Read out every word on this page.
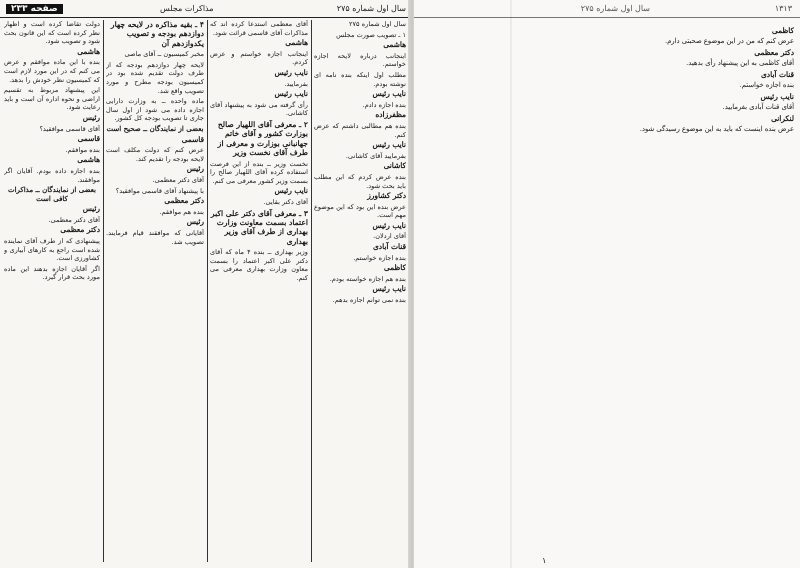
صفحه ۲۳۳	مذاکرات مجلس	سال اول شماره ۲۷۵

دولت تقاضا کرده است و اظهار نظر کرده است که این قانون بحث شود و تصویب شود.

هاشمی

بنده با این ماده موافقم و عرض می کنم که در این مورد لازم است که کمیسیون نظر خودش را بدهد.

این پیشنهاد مربوط به تقسیم اراضی و نحوه اداره آن است و باید رعایت شود.

رئیس

آقای قاسمی موافقید؟

قاسمی

بنده موافقم.

هاشمی

بنده اجازه داده بودم. آقایان اگر موافقند.

بعضی از نمایندگان ــ مذاکرات کافی است

رئیس

آقای دکتر معظمی.

دکتر معظمی

پیشنهادی که از طرف آقای نماینده شده است راجع به کارهای آبیاری و کشاورزی است.

اگر آقایان اجازه بدهند این ماده مورد بحث قرار گیرد.

۴ ـ بقیه مذاکره در لایحه چهار دوازدهم بودجه و تصویب یکدوازدهم آن

مخبر کمیسیون ــ آقای ماصی

لایحه چهار دوازدهم بودجه که از طرف دولت تقدیم شده بود در کمیسیون بودجه مطرح و مورد تصویب واقع شد.

ماده واحده ــ به وزارت دارایی اجازه داده می شود از اول سال جاری تا تصویب بودجه کل کشور.

بعضی از نمایندگان ــ صحیح است

قاسمی

عرض کنم که دولت مکلف است لایحه بودجه را تقدیم کند.

رئیس

آقای دکتر معظمی.

با پیشنهاد آقای قاسمی موافقید؟

دکتر معظمی

بنده هم موافقم.

رئیس

آقایانی که موافقند قیام فرمایند. تصویب شد.

آقای معظمی استدعا کرده اند که مذاکرات آقای قاسمی قرائت شود.

هاشمی

اینجانب اجازه خواستم و عرض کردم.

نایب رئیس

بفرمایید.

نایب رئیس

رأی گرفته می شود به پیشنهاد آقای کاشانی.

۲ ـ معرفی آقای اللهیار صالح بوزارت کشور و آقای خاتم جهانبانی بوزارت و معرفی از طرف آقای نخست وزیر

نخست وزیر ــ بنده از این فرصت استفاده کرده آقای اللهیار صالح را بسمت وزیر کشور معرفی می کنم.

نایب رئیس

آقای دکتر بقایی.

۳ ـ معرفی آقای دکتر علی اکبر اعتماد بسمت معاونت وزارت بهداری از طرف آقای وزیر بهداری

وزیر بهداری ــ بنده ۴ ماه که آقای دکتر علی اکبر اعتماد را بسمت معاون وزارت بهداری معرفی می کنم.

سال اول شماره ۲۷۵

۱ ـ تصویب صورت مجلس

هاشمی

اینجانب درباره لایحه اجازه خواستم.

مطلب اول اینکه بنده نامه ای نوشته بودم.

نایب رئیس

بنده اجازه دادم.

مظفرزاده

بنده هم مطالبی داشتم که عرض کنم.

نایب رئیس

بفرمایید آقای کاشانی.

کاشانی

بنده عرض کردم که این مطلب باید بحث شود.

دکتر کشاورز

عرض بنده این بود که این موضوع مهم است.

نایب رئیس

آقای اردلان.

قنات آبادی

بنده اجازه خواستم.

کاظمی

بنده هم اجازه خواسته بودم.

نایب رئیس

بنده نمی توانم اجازه بدهم.

۱۳۱۳
سال اول شماره ۲۷۵

کاظمی

عرض کنم که من در این موضوع صحبتی دارم.

دکتر معظمی

آقای کاظمی به این پیشنهاد رأی بدهید.

قنات آبادی

بنده اجازه خواستم.

نایب رئیس

آقای قنات آبادی بفرمایید.

لنکرانی

عرض بنده اینست که باید به این موضوع رسیدگی شود.

۱
